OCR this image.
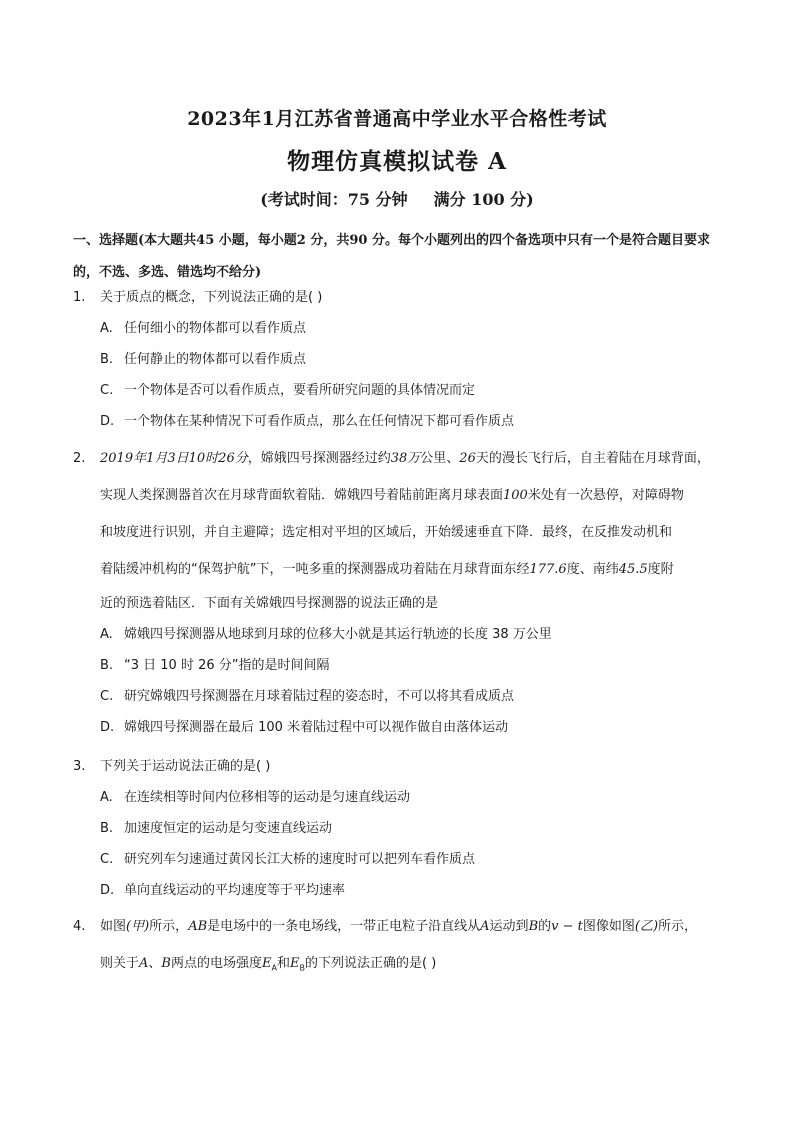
2023年1月江苏省普通高中学业水平合格性考试
物理仿真模拟试卷 A
(考试时间：75 分钟 满分 100 分)
一、选择题(本大题共45 小题，每小题2 分，共90 分。每个小题列出的四个备选项中只有一个是符合题目要求的，不选、多选、错选均不给分)
1.	关于质点的概念，下列说法正确的是( )
A. 任何细小的物体都可以看作质点
B. 任何静止的物体都可以看作质点
C. 一个物体是否可以看作质点，要看所研究问题的具体情况而定
D. 一个物体在某种情况下可看作质点，那么在任何情况下都可看作质点
2.	2019年1月3日10时26分，嫦娥四号探测器经过约38万公里、26天的漫长飞行后，自主着陆在月球背面，
实现人类探测器首次在月球背面软着陆．嫦娥四号着陆前距离月球表面100米处有一次悬停，对障碍物
和坡度进行识别，并自主避障；选定相对平坦的区域后，开始缓速垂直下降．最终，在反推发动机和
着陆缓冲机构的“保驾护航”下，一吨多重的探测器成功着陆在月球背面东经177.6度、南纬45.5度附
近的预选着陆区．下面有关嫦娥四号探测器的说法正确的是
A. 嫦娥四号探测器从地球到月球的位移大小就是其运行轨迹的长度 38 万公里
B. “3 日 10 时 26 分”指的是时间间隔
C. 研究嫦娥四号探测器在月球着陆过程的姿态时，不可以将其看成质点
D. 嫦娥四号探测器在最后 100 米着陆过程中可以视作做自由落体运动
3.	下列关于运动说法正确的是( )
A. 在连续相等时间内位移相等的运动是匀速直线运动
B. 加速度恒定的运动是匀变速直线运动
C. 研究列车匀速通过黄冈长江大桥的速度时可以把列车看作质点
D. 单向直线运动的平均速度等于平均速率
4.	如图(甲)所示，AB是电场中的一条电场线，一带正电粒子沿直线从A运动到B的v − t图像如图(乙)所示，
则关于A、B两点的电场强度$E_A$和$E_B$的下列说法正确的是( )
